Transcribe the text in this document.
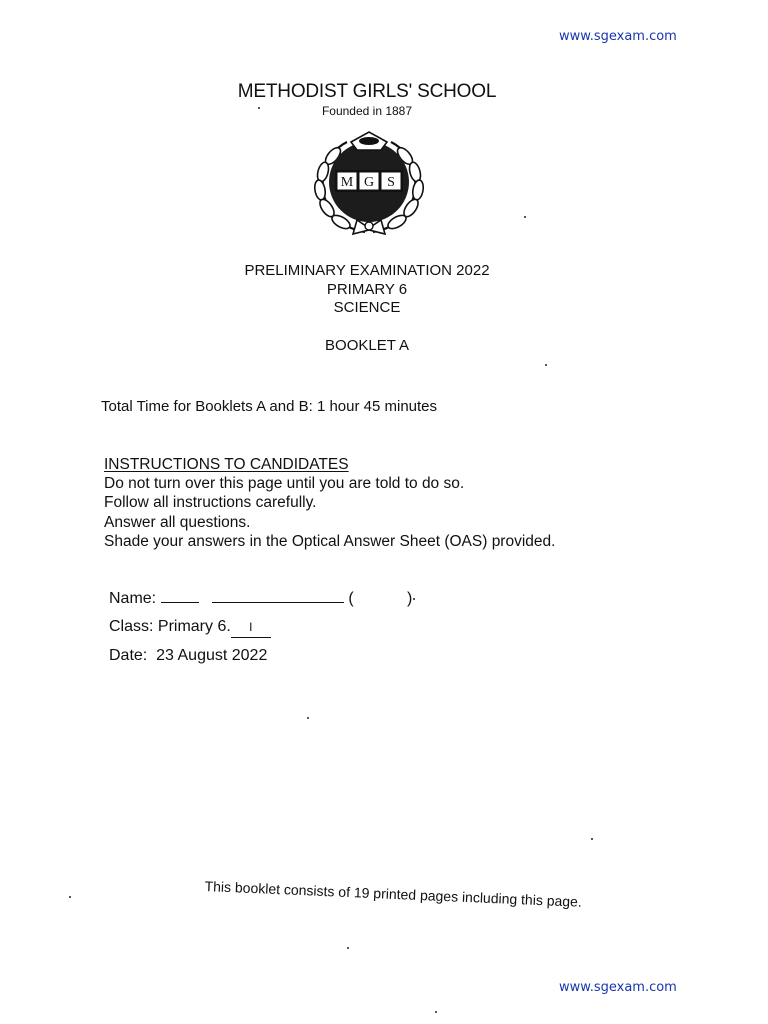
www.sgexam.com
METHODIST GIRLS' SCHOOL
Founded in 1887
M G S
PRELIMINARY EXAMINATION 2022
PRIMARY 6
SCIENCE
BOOKLET A
Total Time for Booklets A and B: 1 hour 45 minutes
INSTRUCTIONS TO CANDIDATES
Do not turn over this page until you are told to do so.
Follow all instructions carefully.
Answer all questions.
Shade your answers in the Optical Answer Sheet (OAS) provided.
Name:	(	)
Class: Primary 6. I
Date: 23 August 2022
This booklet consists of 19 printed pages including this page.
www.sgexam.com
